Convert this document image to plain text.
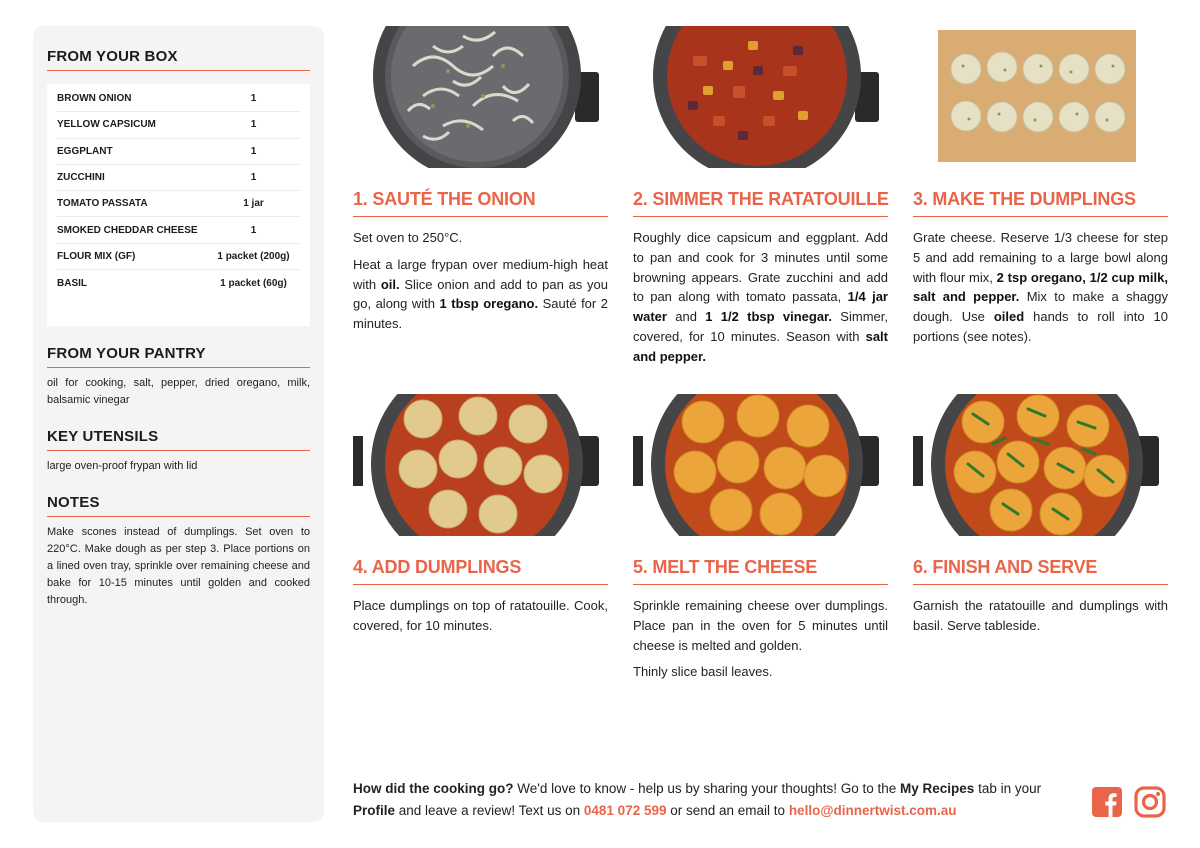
FROM YOUR BOX
BROWN ONION	1
YELLOW CAPSICUM	1
EGGPLANT	1
ZUCCHINI	1
TOMATO PASSATA	1 jar
SMOKED CHEDDAR CHEESE	1
FLOUR MIX (GF)	1 packet (200g)
BASIL	1 packet (60g)
FROM YOUR PANTRY
oil for cooking, salt, pepper, dried oregano, milk, balsamic vinegar
KEY UTENSILS
large oven-proof frypan with lid
NOTES
Make scones instead of dumplings. Set oven to 220°C. Make dough as per step 3. Place portions on a lined oven tray, sprinkle over remaining cheese and bake for 10-15 minutes until golden and cooked through.
1. SAUTÉ THE ONION

Set oven to 250°C.

Heat a large frypan over medium-high heat with oil. Slice onion and add to pan as you go, along with 1 tbsp oregano. Sauté for 2 minutes.

2. SIMMER THE RATATOUILLE

Roughly dice capsicum and eggplant. Add to pan and cook for 3 minutes until some browning appears. Grate zucchini and add to pan along with tomato passata, 1/4 jar water and 1 1/2 tbsp vinegar. Simmer, covered, for 10 minutes. Season with salt and pepper.

3. MAKE THE DUMPLINGS

Grate cheese. Reserve 1/3 cheese for step 5 and add remaining to a large bowl along with flour mix, 2 tsp oregano, 1/2 cup milk, salt and pepper. Mix to make a shaggy dough. Use oiled hands to roll into 10 portions (see notes).

4. ADD DUMPLINGS

Place dumplings on top of ratatouille. Cook, covered, for 10 minutes.

5. MELT THE CHEESE

Sprinkle remaining cheese over dumplings. Place pan in the oven for 5 minutes until cheese is melted and golden.

Thinly slice basil leaves.

6. FINISH AND SERVE

Garnish the ratatouille and dumplings with basil. Serve tableside.

How did the cooking go? We'd love to know - help us by sharing your thoughts! Go to the My Recipes tab in your Profile and leave a review! Text us on 0481 072 599 or send an email to hello@dinnertwist.com.au
